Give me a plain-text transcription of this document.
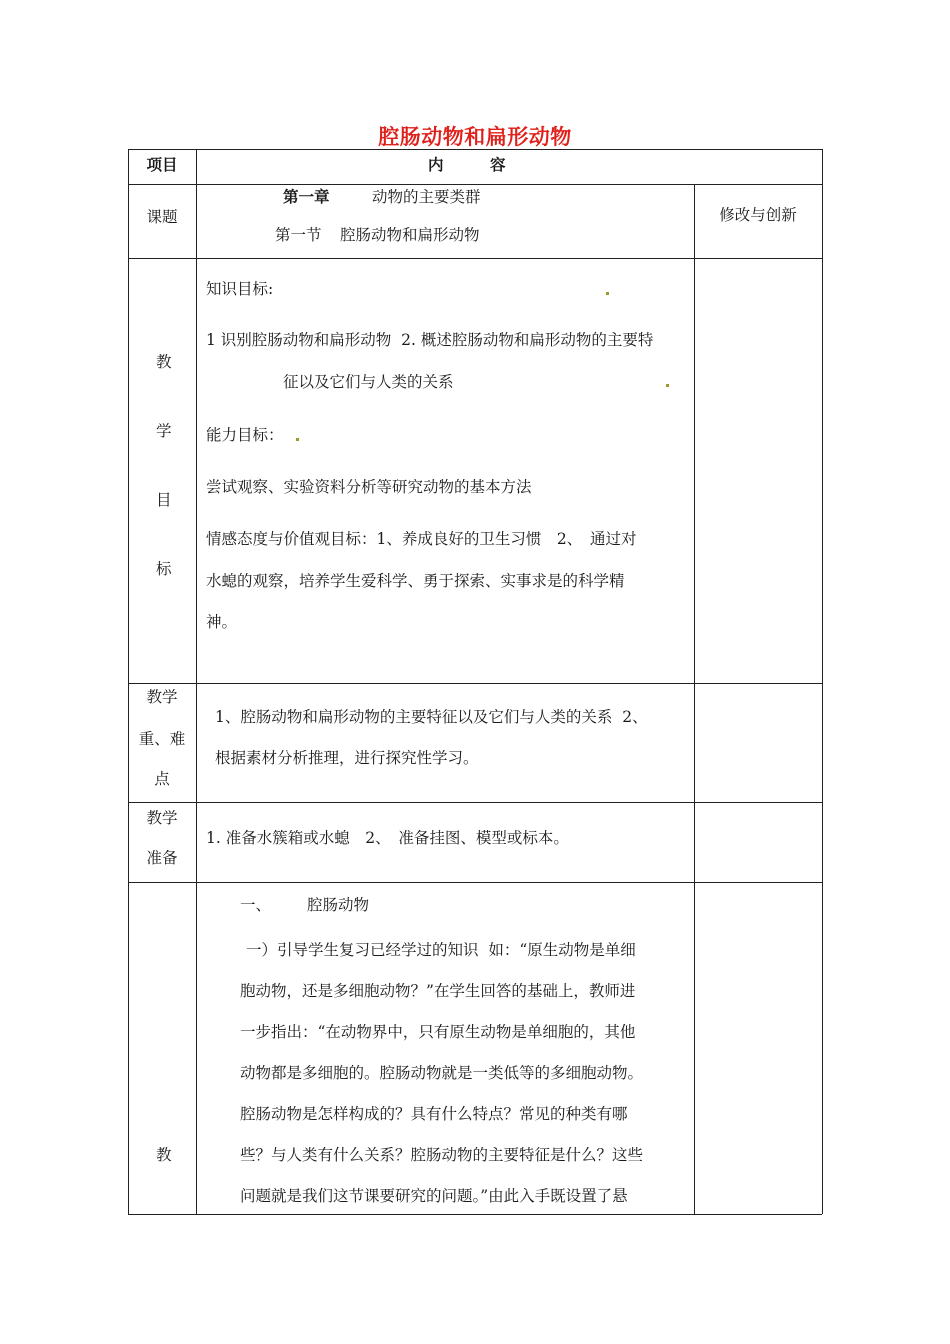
腔肠动物和扁形动物
项目	内　　　容
课题
第一章	动物的主要类群
第一节 腔肠动物和扁形动物
修改与创新
教
学
目
标
知识目标:
1 识别腔肠动物和扁形动物  2. 概述腔肠动物和扁形动物的主要特
征以及它们与人类的关系
能力目标：
尝试观察、实验资料分析等研究动物的基本方法
情感态度与价值观目标：1、养成良好的卫生习惯　2、　通过对
水螅的观察，培养学生爱科学、勇于探索、实事求是的科学精
神。
教学
重、难
点
1、腔肠动物和扁形动物的主要特征以及它们与人类的关系  2、
根据素材分析推理，进行探究性学习。
教学
准备
1. 准备水簇箱或水螅　2、　准备挂图、模型或标本。
教
一、 腔肠动物
一）引导学生复习已经学过的知识  如：“原生动物是单细
胞动物，还是多细胞动物？”在学生回答的基础上，教师进
一步指出：“在动物界中，只有原生动物是单细胞的，其他
动物都是多细胞的。腔肠动物就是一类低等的多细胞动物。
腔肠动物是怎样构成的？具有什么特点？常见的种类有哪
些？与人类有什么关系？腔肠动物的主要特征是什么？这些
问题就是我们这节课要研究的问题。”由此入手既设置了悬
